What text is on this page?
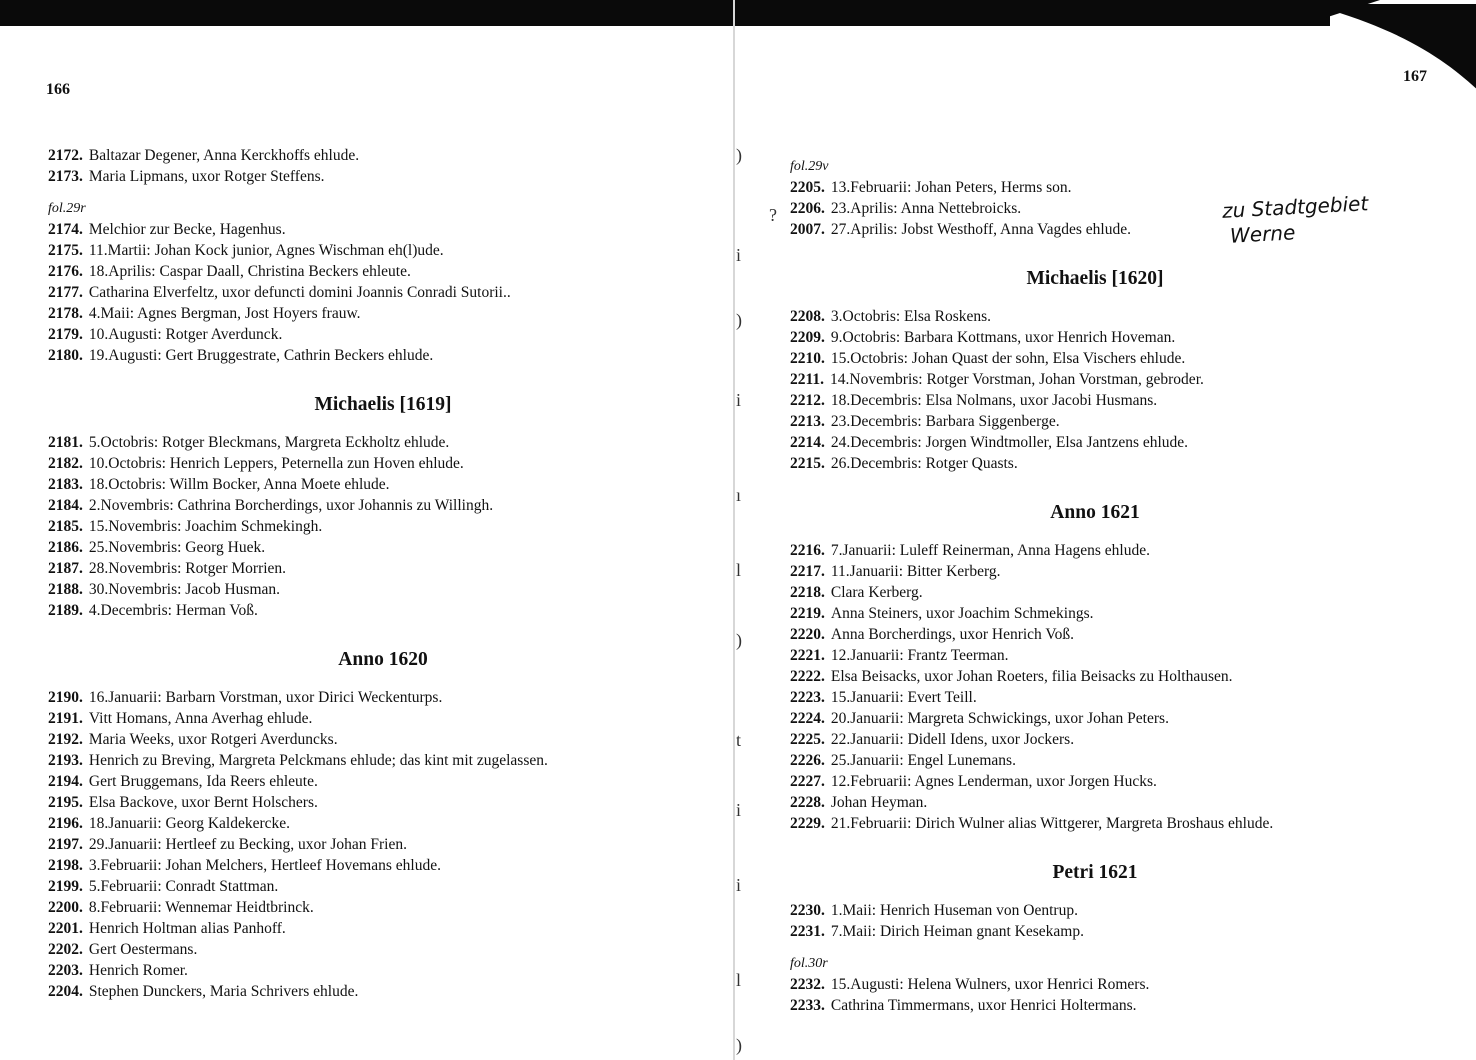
166
2172. Baltazar Degener, Anna Kerckhoffs ehlude.
2173. Maria Lipmans, uxor Rotger Steffens.
fol.29r
2174. Melchior zur Becke, Hagenhus.
2175. 11.Martii: Johan Kock junior, Agnes Wischman eh(l)ude.
2176. 18.Aprilis: Caspar Daall, Christina Beckers ehleute.
2177. Catharina Elverfeltz, uxor defuncti domini Joannis Conradi Sutorii..
2178. 4.Maii: Agnes Bergman, Jost Hoyers frauw.
2179. 10.Augusti: Rotger Averdunck.
2180. 19.Augusti: Gert Bruggestrate, Cathrin Beckers ehlude.
Michaelis [1619]
2181. 5.Octobris: Rotger Bleckmans, Margreta Eckholtz ehlude.
2182. 10.Octobris: Henrich Leppers, Peternella zun Hoven ehlude.
2183. 18.Octobris: Willm Bocker, Anna Moete ehlude.
2184. 2.Novembris: Cathrina Borcherdings, uxor Johannis zu Willingh.
2185. 15.Novembris: Joachim Schmekingh.
2186. 25.Novembris: Georg Huek.
2187. 28.Novembris: Rotger Morrien.
2188. 30.Novembris: Jacob Husman.
2189. 4.Decembris: Herman Voß.
Anno 1620
2190. 16.Januarii: Barbarn Vorstman, uxor Dirici Weckenturps.
2191. Vitt Homans, Anna Averhag ehlude.
2192. Maria Weeks, uxor Rotgeri Averduncks.
2193. Henrich zu Breving, Margreta Pelckmans ehlude; das kint mit zugelassen.
2194. Gert Bruggemans, Ida Reers ehleute.
2195. Elsa Backove, uxor Bernt Holschers.
2196. 18.Januarii: Georg Kaldekercke.
2197. 29.Januarii: Hertleef zu Becking, uxor Johan Frien.
2198. 3.Februarii: Johan Melchers, Hertleef Hovemans ehlude.
2199. 5.Februarii: Conradt Stattman.
2200. 8.Februarii: Wennemar Heidtbrinck.
2201. Henrich Holtman alias Panhoff.
2202. Gert Oestermans.
2203. Henrich Romer.
2204. Stephen Dunckers, Maria Schrivers ehlude.
167
fol.29v
2205. 13.Februarii: Johan Peters, Herms son.
2206. 23.Aprilis: Anna Nettebroicks.
2007. 27.Aprilis: Jobst Westhoff, Anna Vagdes ehlude.
Michaelis [1620]
2208. 3.Octobris: Elsa Roskens.
2209. 9.Octobris: Barbara Kottmans, uxor Henrich Hoveman.
2210. 15.Octobris: Johan Quast der sohn, Elsa Vischers ehlude.
2211. 14.Novembris: Rotger Vorstman, Johan Vorstman, gebroder.
2212. 18.Decembris: Elsa Nolmans, uxor Jacobi Husmans.
2213. 23.Decembris: Barbara Siggenberge.
2214. 24.Decembris: Jorgen Windtmoller, Elsa Jantzens ehlude.
2215. 26.Decembris: Rotger Quasts.
Anno 1621
2216. 7.Januarii: Luleff Reinerman, Anna Hagens ehlude.
2217. 11.Januarii: Bitter Kerberg.
2218. Clara Kerberg.
2219. Anna Steiners, uxor Joachim Schmekings.
2220. Anna Borcherdings, uxor Henrich Voß.
2221. 12.Januarii: Frantz Teerman.
2222. Elsa Beisacks, uxor Johan Roeters, filia Beisacks zu Holthausen.
2223. 15.Januarii: Evert Teill.
2224. 20.Januarii: Margreta Schwickings, uxor Johan Peters.
2225. 22.Januarii: Didell Idens, uxor Jockers.
2226. 25.Januarii: Engel Lunemans.
2227. 12.Februarii: Agnes Lenderman, uxor Jorgen Hucks.
2228. Johan Heyman.
2229. 21.Februarii: Dirich Wulner alias Wittgerer, Margreta Broshaus ehlude.
Petri 1621
2230. 1.Maii: Henrich Huseman von Oentrup.
2231. 7.Maii: Dirich Heiman gnant Kesekamp.
fol.30r
2232. 15.Augusti: Helena Wulners, uxor Henrici Romers.
2233. Cathrina Timmermans, uxor Henrici Holtermans.
zu Stadtgebiet
Werne
?
)
i
)
i
ı
l
)
t
i
i
l
)
